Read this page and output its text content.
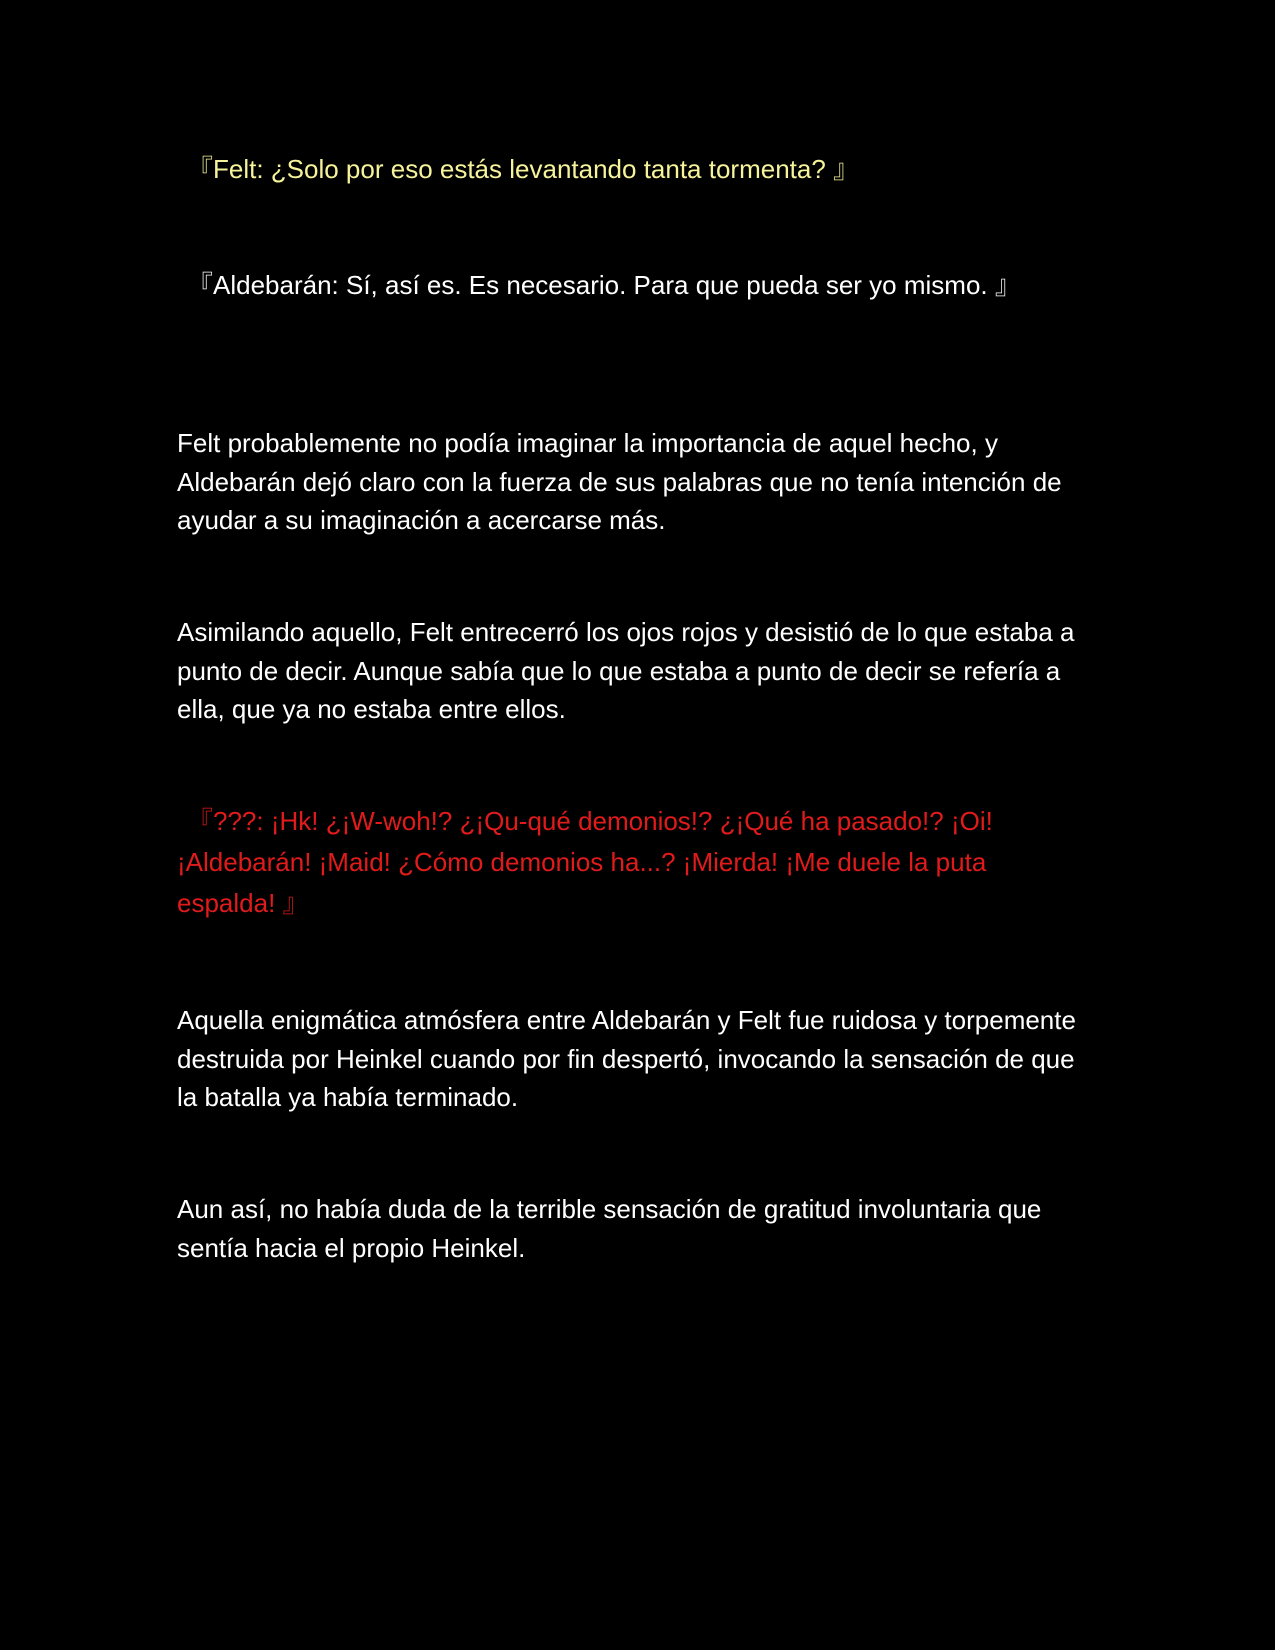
『Felt: ¿Solo por eso estás levantando tanta tormenta? 』

『Aldebarán: Sí, así es. Es necesario. Para que pueda ser yo mismo. 』

Felt probablemente no podía imaginar la importancia de aquel hecho, y Aldebarán dejó claro con la fuerza de sus palabras que no tenía intención de ayudar a su imaginación a acercarse más.

Asimilando aquello, Felt entrecerró los ojos rojos y desistió de lo que estaba a punto de decir. Aunque sabía que lo que estaba a punto de decir se refería a ella, que ya no estaba entre ellos.

『???: ¡Hk! ¿¡W-woh!? ¿¡Qu-qué demonios!? ¿¡Qué ha pasado!? ¡Oi! ¡Aldebarán! ¡Maid! ¿Cómo demonios ha...? ¡Mierda! ¡Me duele la puta espalda! 』

Aquella enigmática atmósfera entre Aldebarán y Felt fue ruidosa y torpemente destruida por Heinkel cuando por fin despertó, invocando la sensación de que la batalla ya había terminado.

Aun así, no había duda de la terrible sensación de gratitud involuntaria que sentía hacia el propio Heinkel.
